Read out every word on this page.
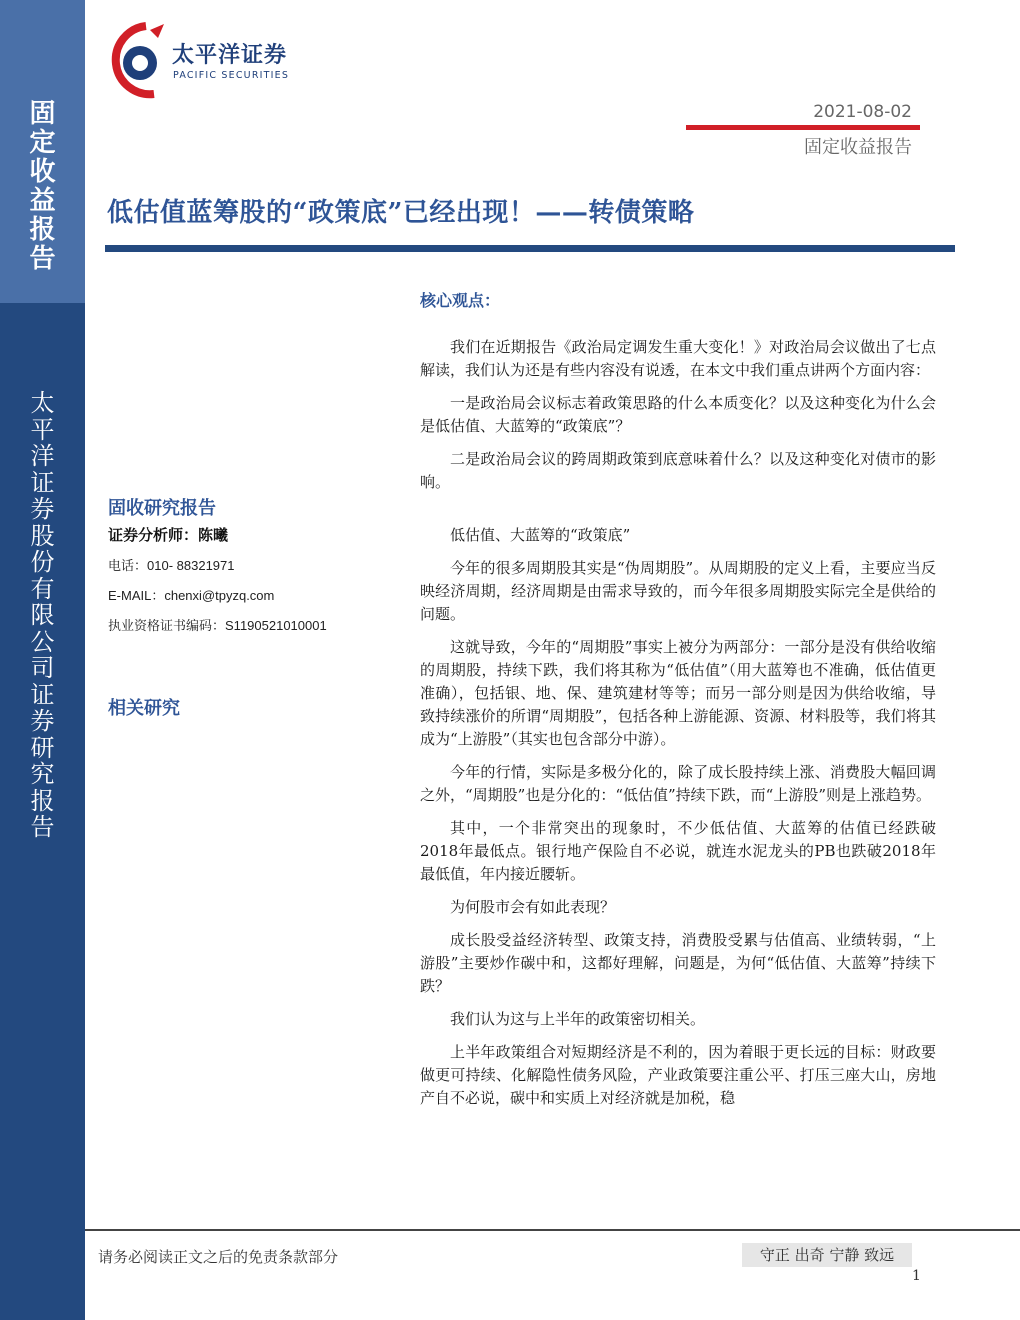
固
定
收
益
报
告
太
平
洋
证
券
股
份
有
限
公
司
证
券
研
究
报
告
太平洋证券
PACIFIC SECURITIES
2021-08-02
固定收益报告
低估值蓝筹股的“政策底”已经出现！——转债策略
固收研究报告
证券分析师：陈曦
电话：010- 88321971
E-MAIL：chenxi@tpyzq.com
执业资格证书编码：S1190521010001
相关研究
核心观点：

我们在近期报告《政治局定调发生重大变化！》对政治局会议做出了七点解读，我们认为还是有些内容没有说透，在本文中我们重点讲两个方面内容：

一是政治局会议标志着政策思路的什么本质变化？以及这种变化为什么会是低估值、大蓝筹的“政策底”？

二是政治局会议的跨周期政策到底意味着什么？以及这种变化对债市的影响。

低估值、大蓝筹的“政策底”

今年的很多周期股其实是“伪周期股”。从周期股的定义上看，主要应当反映经济周期，经济周期是由需求导致的，而今年很多周期股实际完全是供给的问题。

这就导致，今年的“周期股”事实上被分为两部分：一部分是没有供给收缩的周期股，持续下跌，我们将其称为“低估值”（用大蓝筹也不准确，低估值更准确），包括银、地、保、建筑建材等等；而另一部分则是因为供给收缩，导致持续涨价的所谓“周期股”，包括各种上游能源、资源、材料股等，我们将其成为“上游股”（其实也包含部分中游）。

今年的行情，实际是多极分化的，除了成长股持续上涨、消费股大幅回调之外，“周期股”也是分化的：“低估值”持续下跌，而“上游股”则是上涨趋势。

其中，一个非常突出的现象时，不少低估值、大蓝筹的估值已经跌破2018年最低点。银行地产保险自不必说，就连水泥龙头的PB也跌破2018年最低值，年内接近腰斩。

为何股市会有如此表现？

成长股受益经济转型、政策支持，消费股受累与估值高、业绩转弱，“上游股”主要炒作碳中和，这都好理解，问题是，为何“低估值、大蓝筹”持续下跌？

我们认为这与上半年的政策密切相关。

上半年政策组合对短期经济是不利的，因为着眼于更长远的目标：财政要做更可持续、化解隐性债务风险，产业政策要注重公平、打压三座大山，房地产自不必说，碳中和实质上对经济就是加税，稳

请务必阅读正文之后的免责条款部分	守正 出奇 宁静 致远
1
